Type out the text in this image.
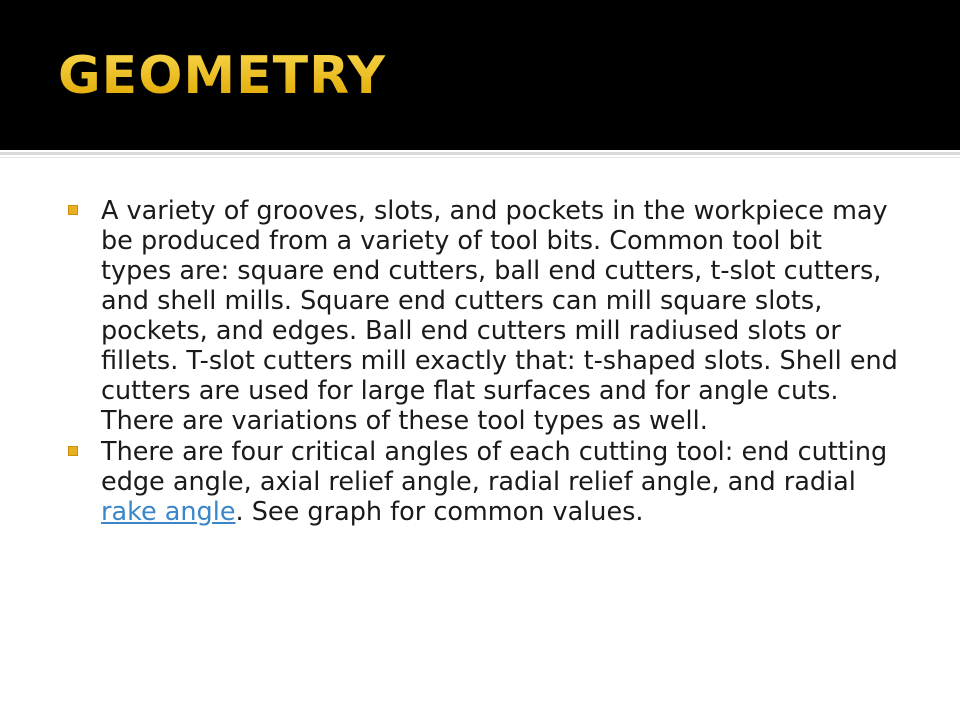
GEOMETRY
A variety of grooves, slots, and pockets in the workpiece may be produced from a variety of tool bits. Common tool bit types are: square end cutters, ball end cutters, t-slot cutters, and shell mills. Square end cutters can mill square slots, pockets, and edges. Ball end cutters mill radiused slots or fillets. T-slot cutters mill exactly that: t-shaped slots. Shell end cutters are used for large flat surfaces and for angle cuts. There are variations of these tool types as well.
There are four critical angles of each cutting tool: end cutting edge angle, axial relief angle, radial relief angle, and radial rake angle. See graph for common values.
